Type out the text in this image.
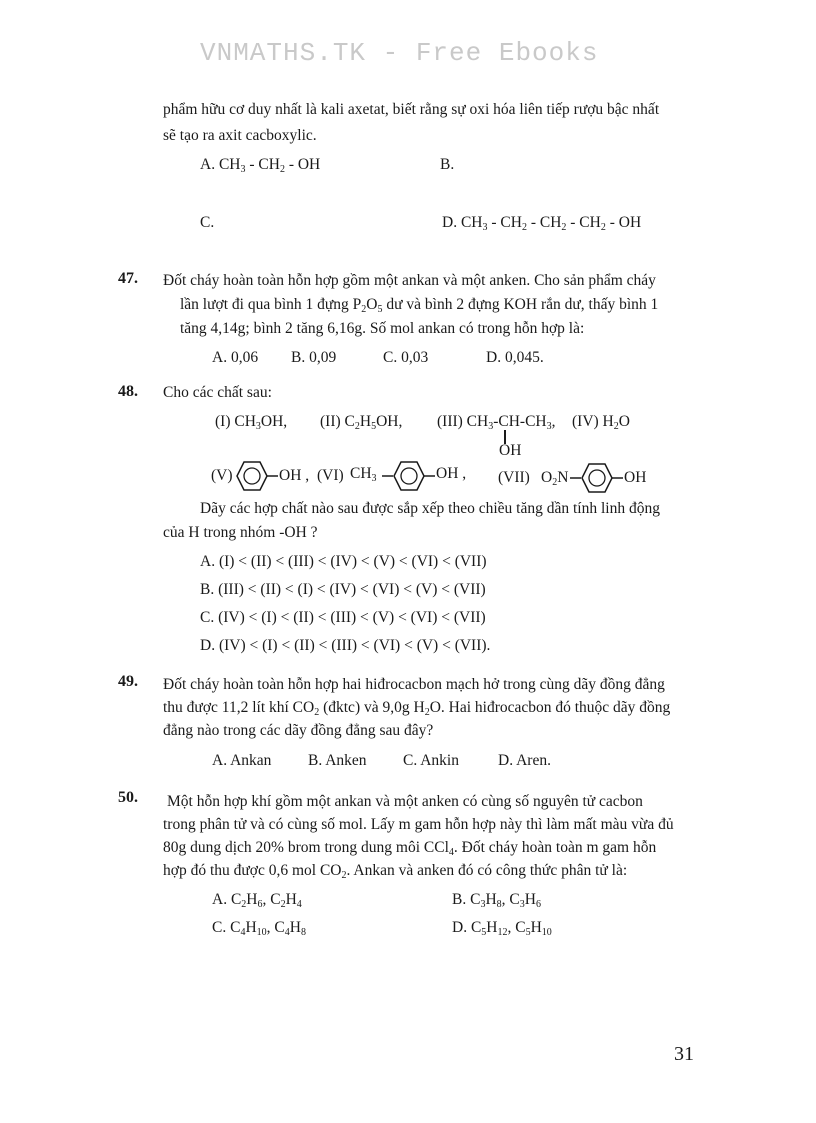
VNMATHS.TK - Free Ebooks
phẩm hữu cơ duy nhất là kali axetat, biết rằng sự oxi hóa liên tiếp rượu bậc nhất
sẽ tạo ra axit cacboxylic.
A. $CH_3 - CH_2$ - OH	B.
C.	D. $CH_3 - CH_2 - CH_2 - CH_2$ - OH
47. Đốt cháy hoàn toàn hỗn hợp gồm một ankan và một anken. Cho sản phẩm cháy
lần lượt đi qua bình 1 đựng $P_2O_5$ dư và bình 2 đựng KOH rắn dư, thấy bình 1
tăng 4,14g; bình 2 tăng 6,16g. Số mol ankan có trong hỗn hợp là:
A. 0,06 B. 0,09	C. 0,03	D. 0,045.
48. Cho các chất sau:
(I) $CH_3OH$, (II) $C_2H_5OH$, (III) $CH_3-CH-CH_3$,
OH
(IV) $H_2O$
(V)	OH , (VI) $CH_3$	OH , (VII) $O_2N$	OH
Dãy các hợp chất nào sau được sắp xếp theo chiều tăng dần tính linh động
của H trong nhóm -OH ?
A. (I) < (II) < (III) < (IV) < (V) < (VI) < (VII)
B. (III) < (II) < (I) < (IV) < (VI) < (V) < (VII)
C. (IV) < (I) < (II) < (III) < (V) < (VI) < (VII)
D. (IV) < (I) < (II) < (III) < (VI) < (V) < (VII).
49. Đốt cháy hoàn toàn hỗn hợp hai hiđrocacbon mạch hở trong cùng dãy đồng đẳng
thu được 11,2 lít khí $CO_2$ (đktc) và 9,0g $H_2O$. Hai hiđrocacbon đó thuộc dãy đồng
đẳng nào trong các dãy đồng đẳng sau đây?
A. Ankan B. Anken C. Ankin	D. Aren.
50. Một hỗn hợp khí gồm một ankan và một anken có cùng số nguyên tử cacbon
trong phân tử và có cùng số mol. Lấy m gam hỗn hợp này thì làm mất màu vừa đủ
80g dung dịch 20% brom trong dung môi CCl$_4$. Đốt cháy hoàn toàn m gam hỗn
hợp đó thu được 0,6 mol $CO_2$. Ankan và anken đó có công thức phân tử là:
A. $C_2H_6$, $C_2H_4$	B. $C_3H_8$, $C_3H_6$
C. $C_4H_{10}$, $C_4H_8$	D. $C_5H_{12}$, $C_5H_{10}$
31
